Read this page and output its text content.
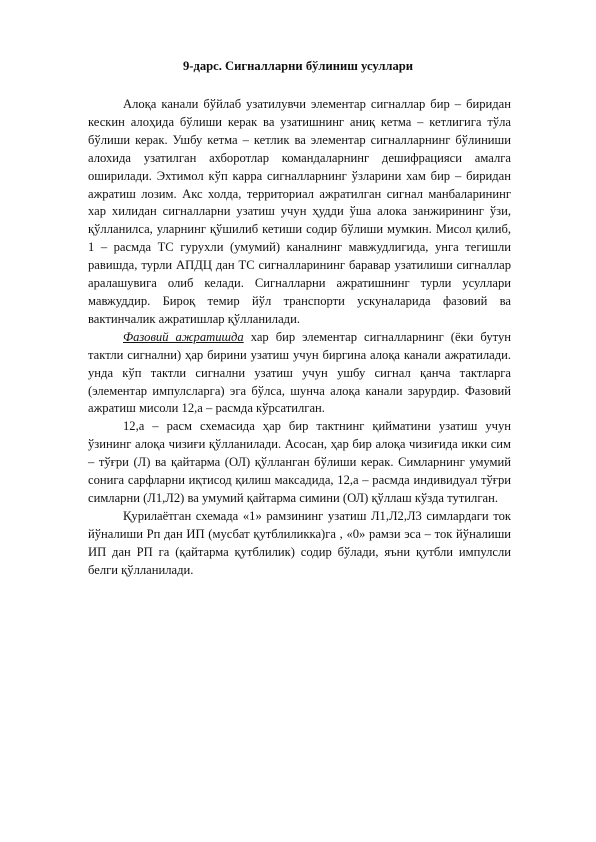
9-дарс. Сигналларни бўлиниш усуллари

Алоқа канали бўйлаб узатилувчи элементар сигналлар бир – биридан кескин алоҳида бўлиши керак ва узатишнинг аниқ кетма – кетлигига тўла бўлиши керак. Ушбу кетма – кетлик ва элементар сигналларнинг бўлиниши алохида узатилган ахборотлар командаларнинг дешифрацияси амалга оширилади. Эхтимол кўп карра сигналларнинг ўзларини хам бир – биридан ажратиш лозим. Акс холда, территориал ажратилган сигнал манбаларининг хар хилидан сигналларни узатиш учун ҳудди ўша алока занжирининг ўзи, қўлланилса, уларнинг қўшилиб кетиши содир бўлиши мумкин. Мисол қилиб, 1 – расмда ТС гурухли (умумий) каналнинг мавжудлигида, унга тегишли равишда, турли АПДЦ дан ТС сигналларининг баравар узатилиши сигналлар аралашувига олиб келади. Сигналларни ажратишнинг турли усуллари мавжуддир. Бироқ темир йўл транспорти ускуналарида фазовий ва вактинчалик ажратишлар қўлланилади.

Фазовий ажратишда хар бир элементар сигналларнинг (ёки бутун тактли сигнални) ҳар бирини узатиш учун биргина алоқа канали ажратилади. унда кўп тактли сигнални узатиш учун ушбу сигнал қанча тактларга (элементар импулсларга) эга бўлса, шунча алоқа канали зарурдир. Фазовий ажратиш мисоли 12,а – расмда кўрсатилган.

12,а – расм схемасида ҳар бир тактнинг қийматини узатиш учун ўзининг алоқа чизиғи қўлланилади. Асосан, ҳар бир алоқа чизиғида икки сим – тўғри (Л) ва қайтарма (ОЛ) қўлланган бўлиши керак. Симларнинг умумий сонига сарфларни иқтисод қилиш максадида, 12,а – расмда индивидуал тўғри симларни (Л1,Л2) ва умумий қайтарма симини (ОЛ) қўллаш кўзда тутилган.

Қурилаётган схемада «1» рамзининг узатиш Л1,Л2,Л3 симлардаги ток йўналиши Рп дан ИП (мусбат қутблиликка)га , «0» рамзи эса – ток йўналиши ИП дан РП га (қайтарма қутблилик) содир бўлади, яъни қутбли импулсли белги қўлланилади.
